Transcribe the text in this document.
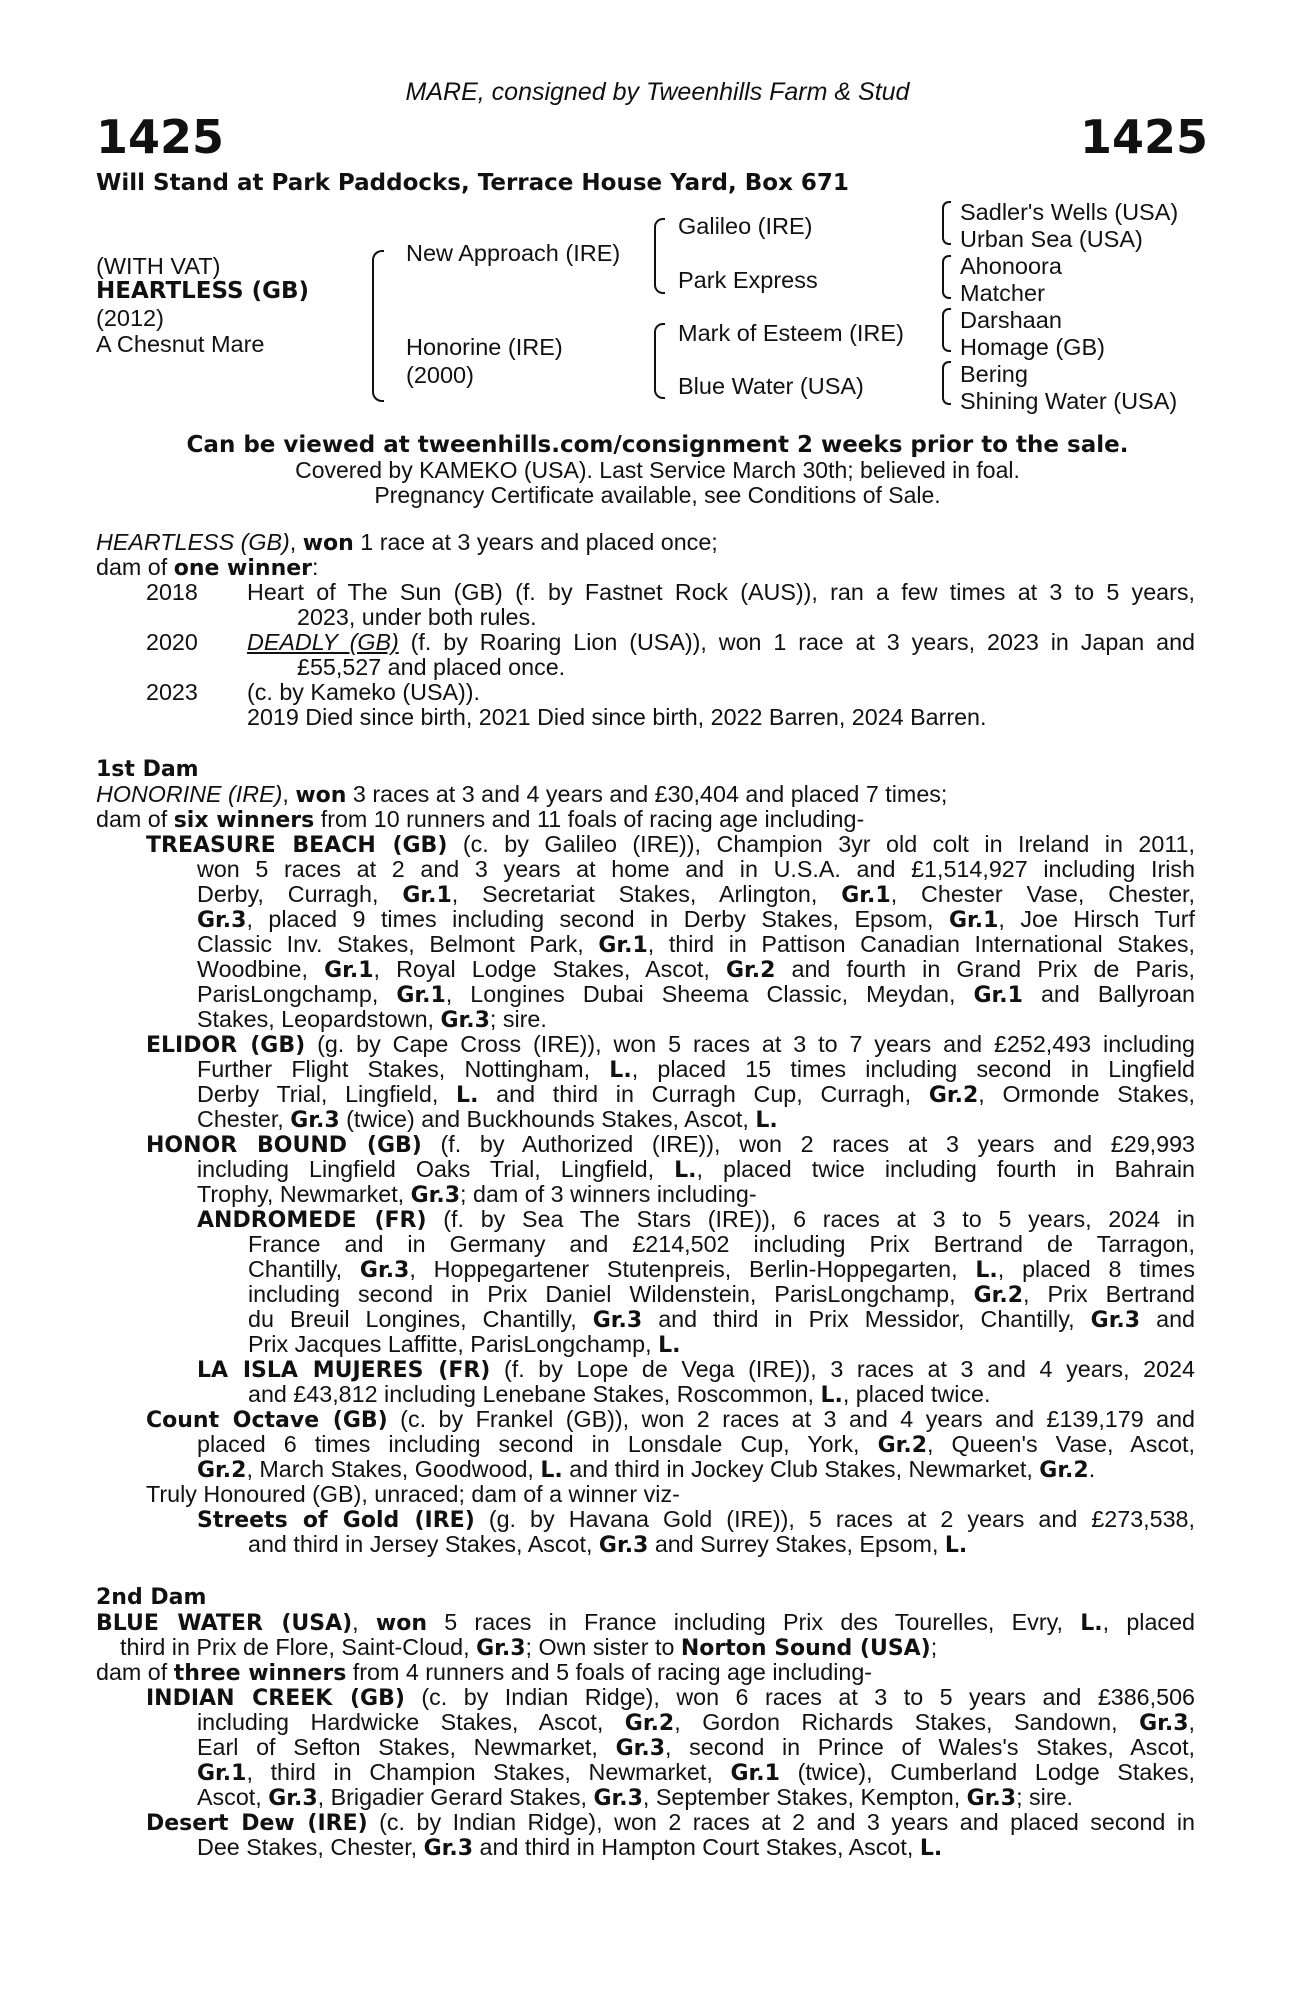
MARE, consigned by Tweenhills Farm & Stud
1425	1425
Will Stand at Park Paddocks, Terrace House Yard, Box 671
(WITH VAT)
HEARTLESS (GB)
(2012)
A Chesnut Mare
New Approach (IRE)
Honorine (IRE)
(2000)
Galileo (IRE)
Park Express
Mark of Esteem (IRE)
Blue Water (USA)
Sadler's Wells (USA)
Urban Sea (USA)
Ahonoora
Matcher
Darshaan
Homage (GB)
Bering
Shining Water (USA)
Can be viewed at tweenhills.com/consignment 2 weeks prior to the sale.
Covered by KAMEKO (USA). Last Service March 30th; believed in foal.
Pregnancy Certificate available, see Conditions of Sale.
HEARTLESS (GB), won 1 race at 3 years and placed once;
dam of one winner:
2018 Heart of The Sun (GB) (f. by Fastnet Rock (AUS)), ran a few times at 3 to 5 years,
2023, under both rules.
2020 DEADLY (GB) (f. by Roaring Lion (USA)), won 1 race at 3 years, 2023 in Japan and
£55,527 and placed once.
2023 (c. by Kameko (USA)).
2019 Died since birth, 2021 Died since birth, 2022 Barren, 2024 Barren.
1st Dam
HONORINE (IRE), won 3 races at 3 and 4 years and £30,404 and placed 7 times;
dam of six winners from 10 runners and 11 foals of racing age including-
TREASURE BEACH (GB) (c. by Galileo (IRE)), Champion 3yr old colt in Ireland in 2011,
won 5 races at 2 and 3 years at home and in U.S.A. and £1,514,927 including Irish
Derby, Curragh, Gr.1, Secretariat Stakes, Arlington, Gr.1, Chester Vase, Chester,
Gr.3, placed 9 times including second in Derby Stakes, Epsom, Gr.1, Joe Hirsch Turf
Classic Inv. Stakes, Belmont Park, Gr.1, third in Pattison Canadian International Stakes,
Woodbine, Gr.1, Royal Lodge Stakes, Ascot, Gr.2 and fourth in Grand Prix de Paris,
ParisLongchamp, Gr.1, Longines Dubai Sheema Classic, Meydan, Gr.1 and Ballyroan
Stakes, Leopardstown, Gr.3; sire.
ELIDOR (GB) (g. by Cape Cross (IRE)), won 5 races at 3 to 7 years and £252,493 including
Further Flight Stakes, Nottingham, L., placed 15 times including second in Lingfield
Derby Trial, Lingfield, L. and third in Curragh Cup, Curragh, Gr.2, Ormonde Stakes,
Chester, Gr.3 (twice) and Buckhounds Stakes, Ascot, L.
HONOR BOUND (GB) (f. by Authorized (IRE)), won 2 races at 3 years and £29,993
including Lingfield Oaks Trial, Lingfield, L., placed twice including fourth in Bahrain
Trophy, Newmarket, Gr.3; dam of 3 winners including-
ANDROMEDE (FR) (f. by Sea The Stars (IRE)), 6 races at 3 to 5 years, 2024 in
France and in Germany and £214,502 including Prix Bertrand de Tarragon,
Chantilly, Gr.3, Hoppegartener Stutenpreis, Berlin-Hoppegarten, L., placed 8 times
including second in Prix Daniel Wildenstein, ParisLongchamp, Gr.2, Prix Bertrand
du Breuil Longines, Chantilly, Gr.3 and third in Prix Messidor, Chantilly, Gr.3 and
Prix Jacques Laffitte, ParisLongchamp, L.
LA ISLA MUJERES (FR) (f. by Lope de Vega (IRE)), 3 races at 3 and 4 years, 2024
and £43,812 including Lenebane Stakes, Roscommon, L., placed twice.
Count Octave (GB) (c. by Frankel (GB)), won 2 races at 3 and 4 years and £139,179 and
placed 6 times including second in Lonsdale Cup, York, Gr.2, Queen's Vase, Ascot,
Gr.2, March Stakes, Goodwood, L. and third in Jockey Club Stakes, Newmarket, Gr.2.
Truly Honoured (GB), unraced; dam of a winner viz-
Streets of Gold (IRE) (g. by Havana Gold (IRE)), 5 races at 2 years and £273,538,
and third in Jersey Stakes, Ascot, Gr.3 and Surrey Stakes, Epsom, L.
2nd Dam
BLUE WATER (USA), won 5 races in France including Prix des Tourelles, Evry, L., placed
third in Prix de Flore, Saint-Cloud, Gr.3; Own sister to Norton Sound (USA);
dam of three winners from 4 runners and 5 foals of racing age including-
INDIAN CREEK (GB) (c. by Indian Ridge), won 6 races at 3 to 5 years and £386,506
including Hardwicke Stakes, Ascot, Gr.2, Gordon Richards Stakes, Sandown, Gr.3,
Earl of Sefton Stakes, Newmarket, Gr.3, second in Prince of Wales's Stakes, Ascot,
Gr.1, third in Champion Stakes, Newmarket, Gr.1 (twice), Cumberland Lodge Stakes,
Ascot, Gr.3, Brigadier Gerard Stakes, Gr.3, September Stakes, Kempton, Gr.3; sire.
Desert Dew (IRE) (c. by Indian Ridge), won 2 races at 2 and 3 years and placed second in
Dee Stakes, Chester, Gr.3 and third in Hampton Court Stakes, Ascot, L.
